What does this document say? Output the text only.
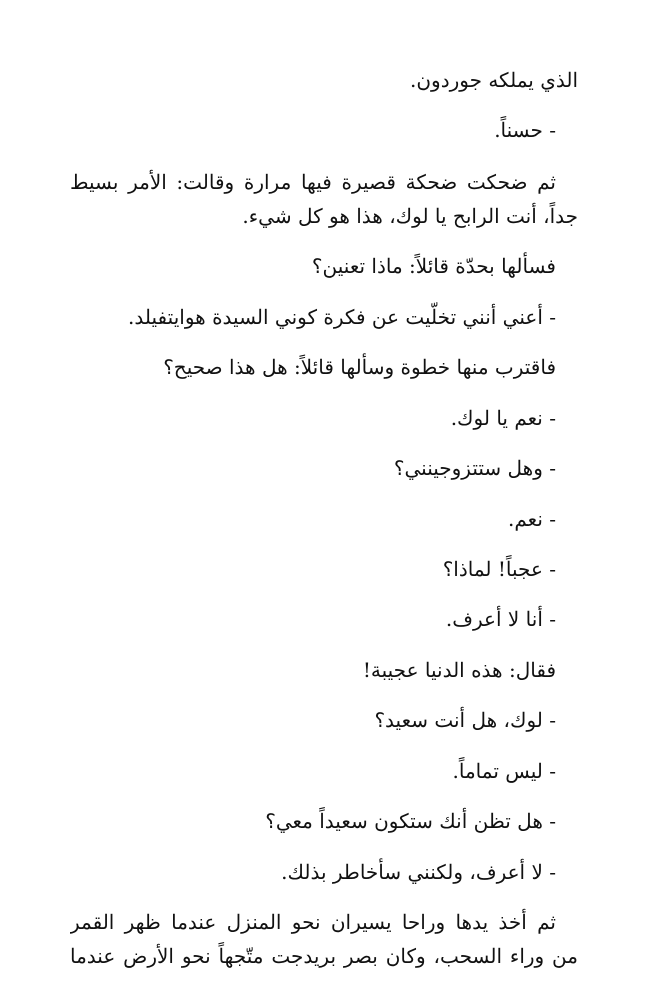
الذي يملكه جوردون.
- حسناً.
ثم ضحكت ضحكة قصيرة فيها مرارة وقالت: الأمر بسيط
جداً، أنت الرابح يا لوك، هذا هو كل شيء.
فسألها بحدّة قائلاً: ماذا تعنين؟
- أعني أنني تخلّيت عن فكرة كوني السيدة هوايتفيلد.
فاقترب منها خطوة وسألها قائلاً: هل هذا صحيح؟
- نعم يا لوك.
- وهل ستتزوجينني؟
- نعم.
- عجباً! لماذا؟
- أنا لا أعرف.
فقال: هذه الدنيا عجيبة!
- لوك، هل أنت سعيد؟
- ليس تماماً.
- هل تظن أنك ستكون سعيداً معي؟
- لا أعرف، ولكنني سأخاطر بذلك.
ثم أخذ يدها وراحا يسيران نحو المنزل عندما ظهر القمر
من وراء السحب، وكان بصر بريدجت متّجهاً نحو الأرض عندما
